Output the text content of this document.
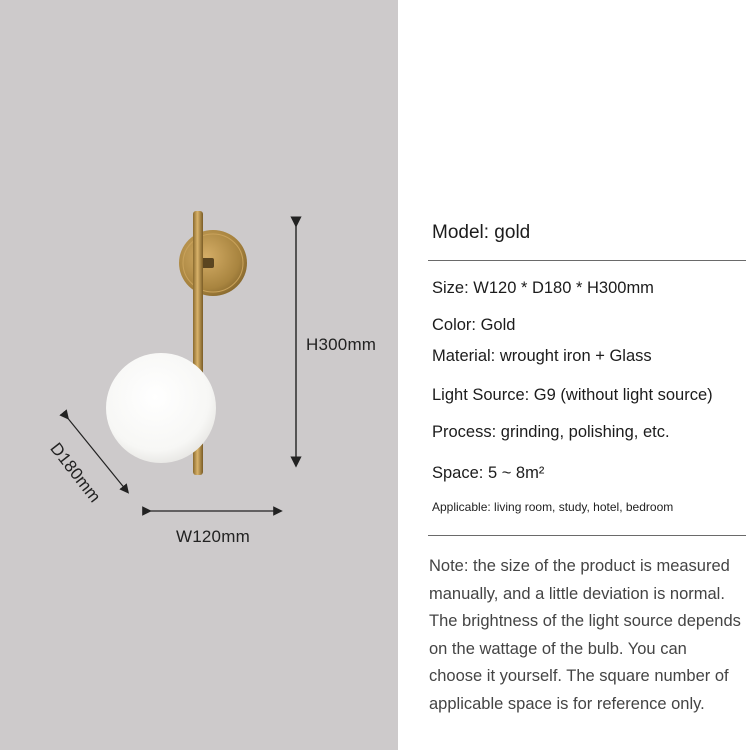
H300mm
W120mm
D180mm
Model: gold
Size: W120 * D180 * H300mm
Color: Gold
Material: wrought iron + Glass
Light Source: G9 (without light source)
Process: grinding, polishing, etc.
Space: 5 ~ 8m²
Applicable: living room, study, hotel, bedroom
Note: the size of the product is measured manually, and a little deviation is normal. The brightness of the light source depends on the wattage of the bulb. You can choose it yourself. The square number of applicable space is for reference only.
